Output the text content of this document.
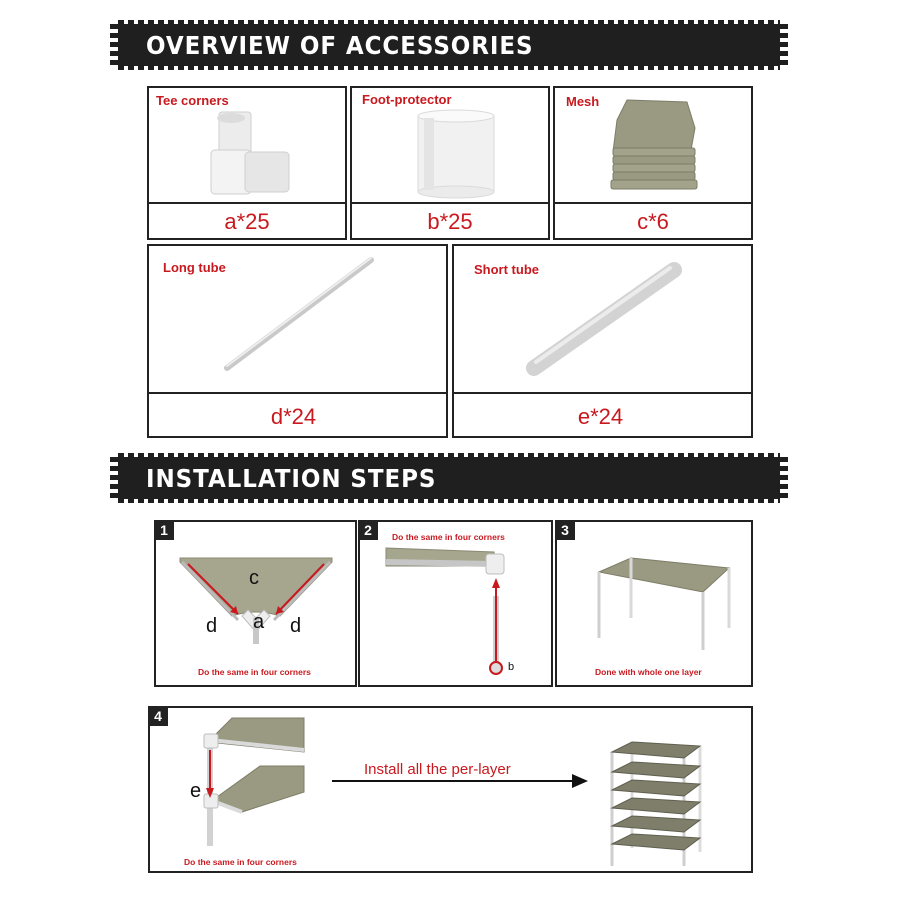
OVERVIEW OF ACCESSORIES
Tee corners
a*25
Foot-protector
b*25
Mesh
c*6
Long tube
d*24
Short tube
e*24
INSTALLATION STEPS
1
c
a
d	d
Do the same in four corners
2	Do the same in four corners
b
3
Done with whole one layer
4
e
Do the same in four corners
Install all the per-layer
